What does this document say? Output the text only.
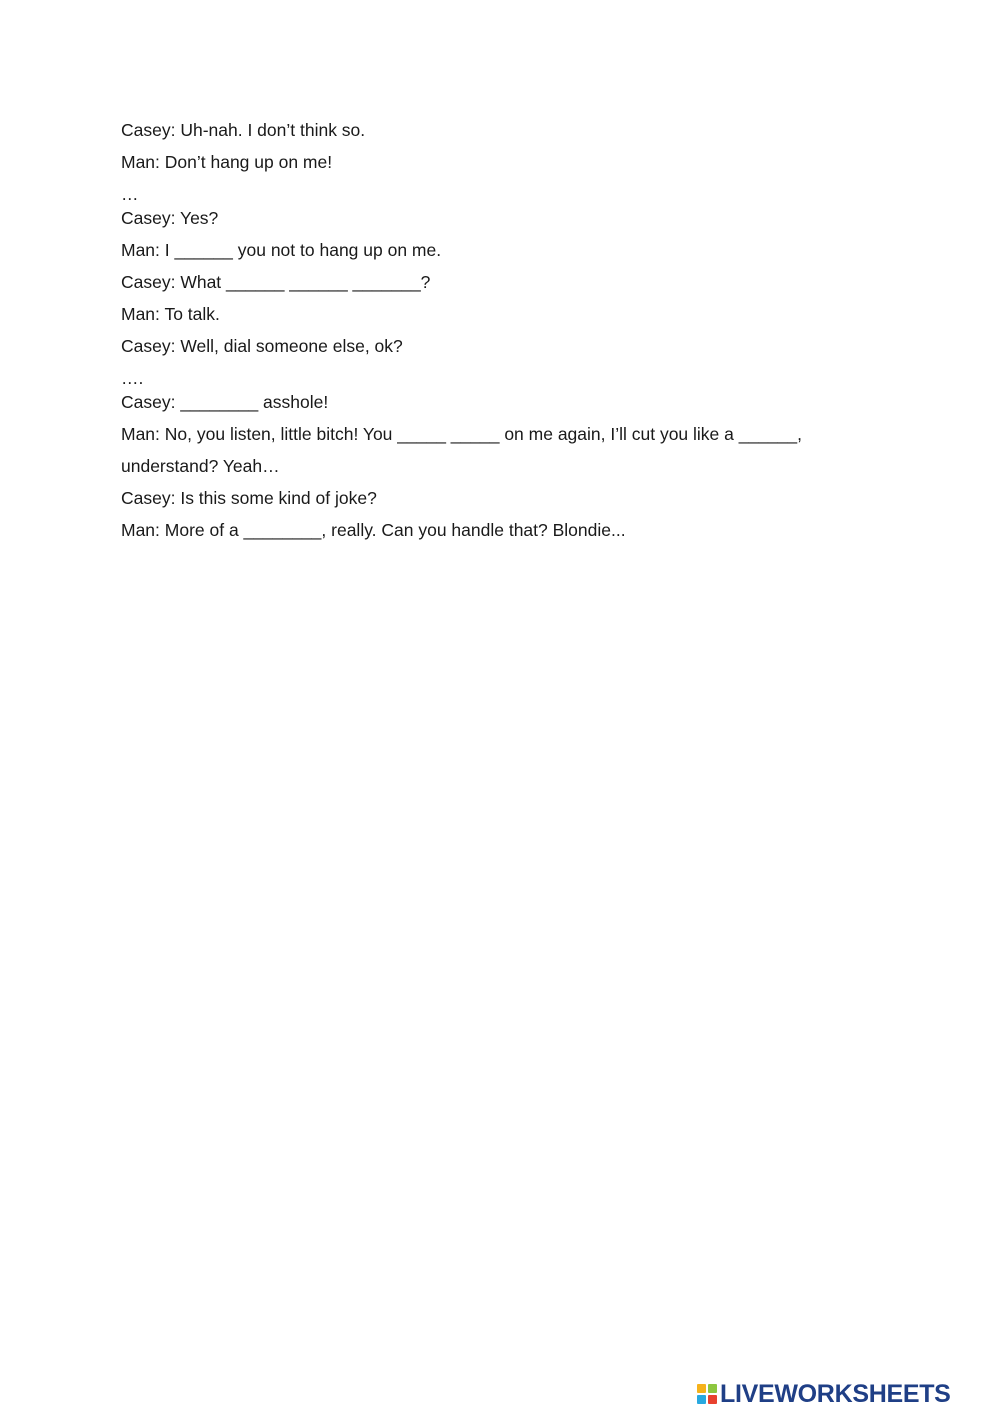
Casey: Uh-nah. I don’t think so.
Man: Don’t hang up on me!
…
Casey: Yes?
Man: I ______ you not to hang up on me.
Casey: What ______ ______ _______?
Man: To talk.
Casey: Well, dial someone else, ok?
….
Casey: ________ asshole!
Man: No, you listen, little bitch! You _____ _____ on me again, I’ll cut you like a ______,
understand? Yeah…
Casey: Is this some kind of joke?
Man: More of a ________, really. Can you handle that? Blondie...
LIVEWORKSHEETS
